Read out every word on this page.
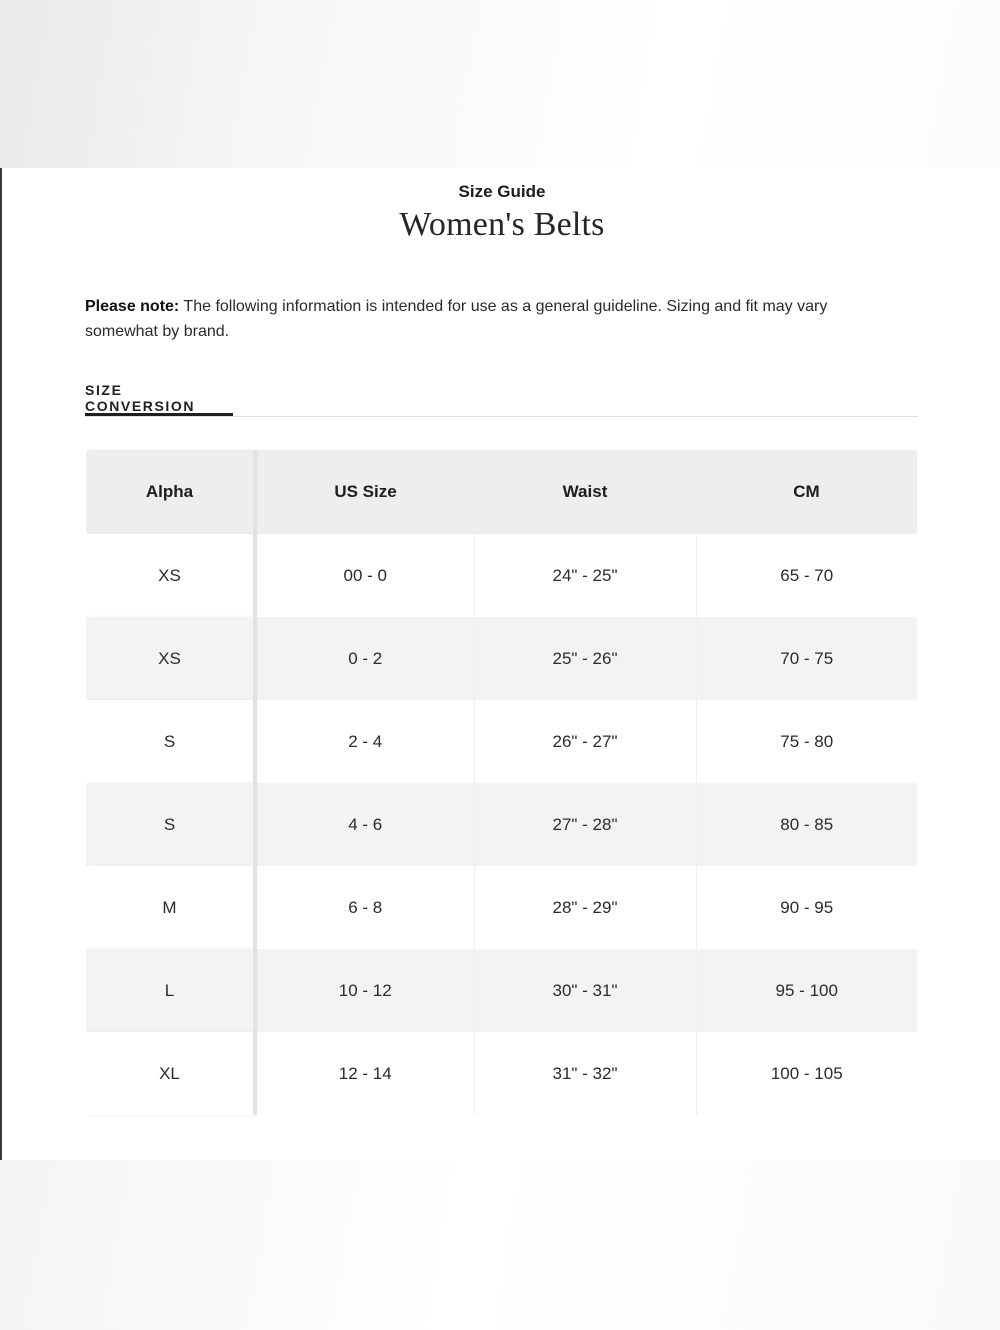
Size Guide
Women's Belts
Please note: The following information is intended for use as a general guideline. Sizing and fit may vary somewhat by brand.
SIZE CONVERSION
Alpha	US Size	Waist	CM
XS	00 - 0	24" - 25"	65 - 70
XS	0 - 2	25" - 26"	70 - 75
S	2 - 4	26" - 27"	75 - 80
S	4 - 6	27" - 28"	80 - 85
M	6 - 8	28" - 29"	90 - 95
L	10 - 12	30" - 31"	95 - 100
XL	12 - 14	31" - 32"	100 - 105
